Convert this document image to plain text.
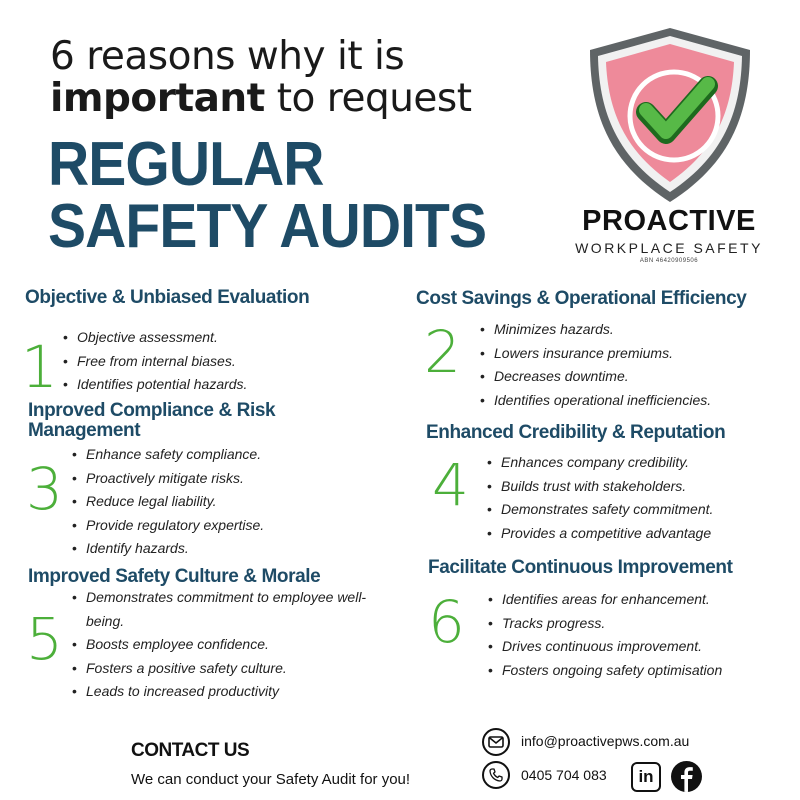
6 reasons why it is
important to request
REGULAR
SAFETY AUDITS	PROACTIVE
WORKPLACE SAFETY
ABN 46420909506
Objective & Unbiased Evaluation
1	• Objective assessment.
• Free from internal biases.
• Identifies potential hazards.
Cost Savings & Operational Efficiency
2	• Minimizes hazards.
• Lowers insurance premiums.
• Decreases downtime.
• Identifies operational inefficiencies.
Inproved Compliance & Risk
Management
3
• Enhance safety compliance.
• Proactively mitigate risks.
• Reduce legal liability.
• Provide regulatory expertise.
• Identify hazards.
Enhanced Credibility & Reputation
4	• Enhances company credibility.
• Builds trust with stakeholders.
• Demonstrates safety commitment.
• Provides a competitive advantage
Improved Safety Culture & Morale
5
• Demonstrates commitment to employee well-being.
• Boosts employee confidence.
• Fosters a positive safety culture.
• Leads to increased productivity
Facilitate Continuous Improvement
6	• Identifies areas for enhancement.
• Tracks progress.
• Drives continuous improvement.
• Fosters ongoing safety optimisation
CONTACT US
We can conduct your Safety Audit for you!
info@proactivepws.com.au
0405 704 083	in
